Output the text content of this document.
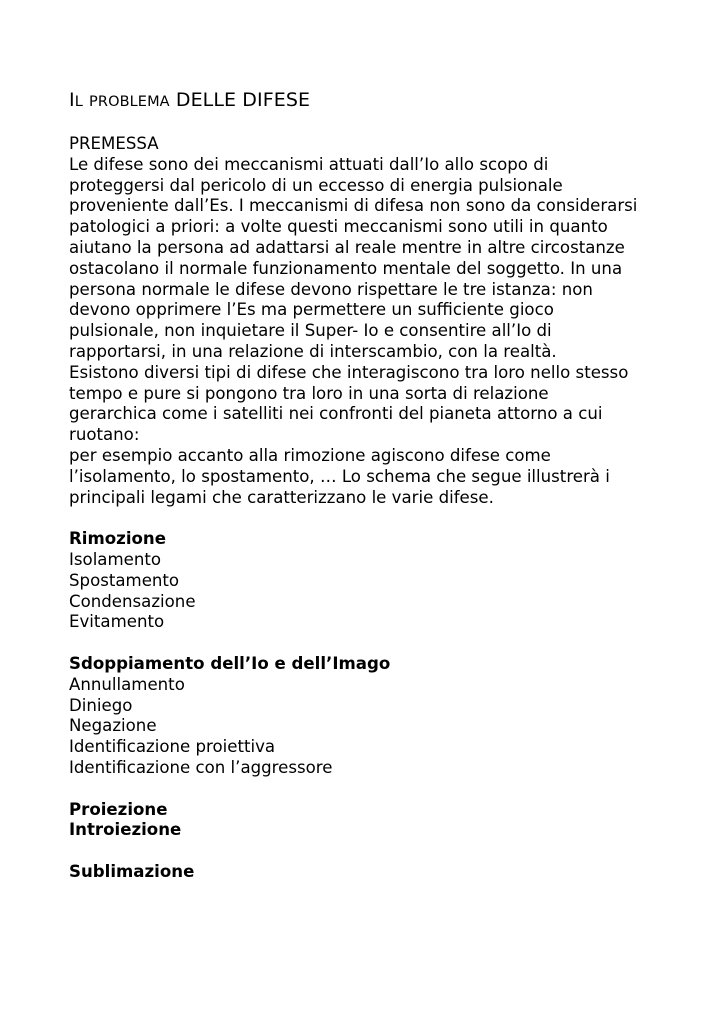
IL PROBLEMA DELLE DIFESE
PREMESSA
Le difese sono dei meccanismi attuati dall’Io allo scopo di
proteggersi dal pericolo di un eccesso di energia pulsionale
proveniente dall’Es. I meccanismi di difesa non sono da considerarsi
patologici a priori: a volte questi meccanismi sono utili in quanto
aiutano la persona ad adattarsi al reale mentre in altre circostanze
ostacolano il normale funzionamento mentale del soggetto. In una
persona normale le difese devono rispettare le tre istanza: non
devono opprimere l’Es ma permettere un sufficiente gioco
pulsionale, non inquietare il Super- Io e consentire all’Io di
rapportarsi, in una relazione di interscambio, con la realtà.
Esistono diversi tipi di difese che interagiscono tra loro nello stesso
tempo e pure si pongono tra loro in una sorta di relazione
gerarchica come i satelliti nei confronti del pianeta attorno a cui
ruotano:
per esempio accanto alla rimozione agiscono difese come
l’isolamento, lo spostamento, … Lo schema che segue illustrerà i
principali legami che caratterizzano le varie difese.
Rimozione
Isolamento
Spostamento
Condensazione
Evitamento
Sdoppiamento dell’Io e dell’Imago
Annullamento
Diniego
Negazione
Identificazione proiettiva
Identificazione con l’aggressore
Proiezione
Introiezione
Sublimazione
